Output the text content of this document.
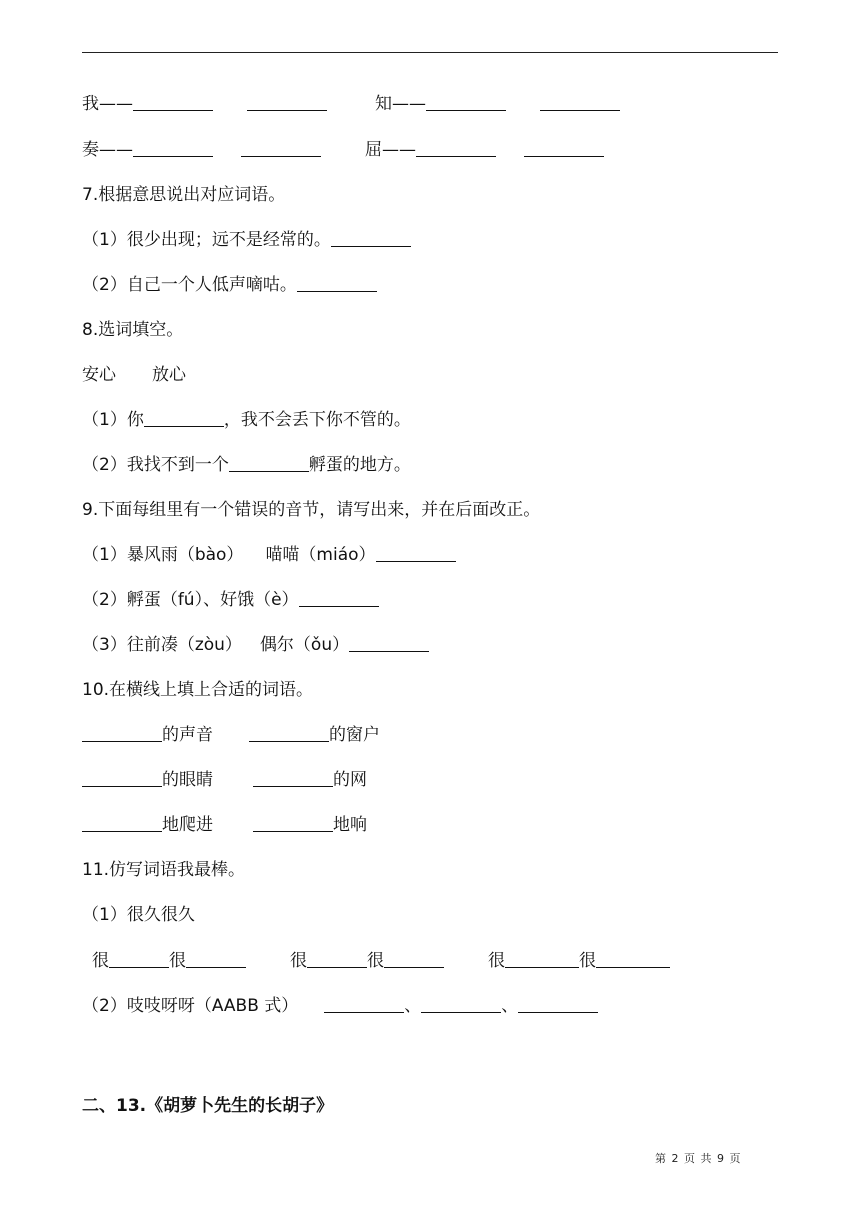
我——	知——
奏——	屈——
7.根据意思说出对应词语。
（1）很少出现；远不是经常的。
（2）自己一个人低声嘀咕。
8.选词填空。
安心 放心
（1）你	，我不会丢下你不管的。
（2）我找不到一个	孵蛋的地方。
9.下面每组里有一个错误的音节，请写出来，并在后面改正。
（1）暴风雨（bào） 喵喵（miáo）
（2）孵蛋（fú）、好饿（è）
（3）往前凑（zòu） 偶尔（ǒu）
10.在横线上填上合适的词语。
的声音	的窗户
的眼睛	的网
地爬进	地响
11.仿写词语我最棒。
（1）很久很久
很	很	很	很	很	很
（2）吱吱呀呀（AABB 式）	、	、
二、13.《胡萝卜先生的长胡子》
第 2 页 共 9 页
